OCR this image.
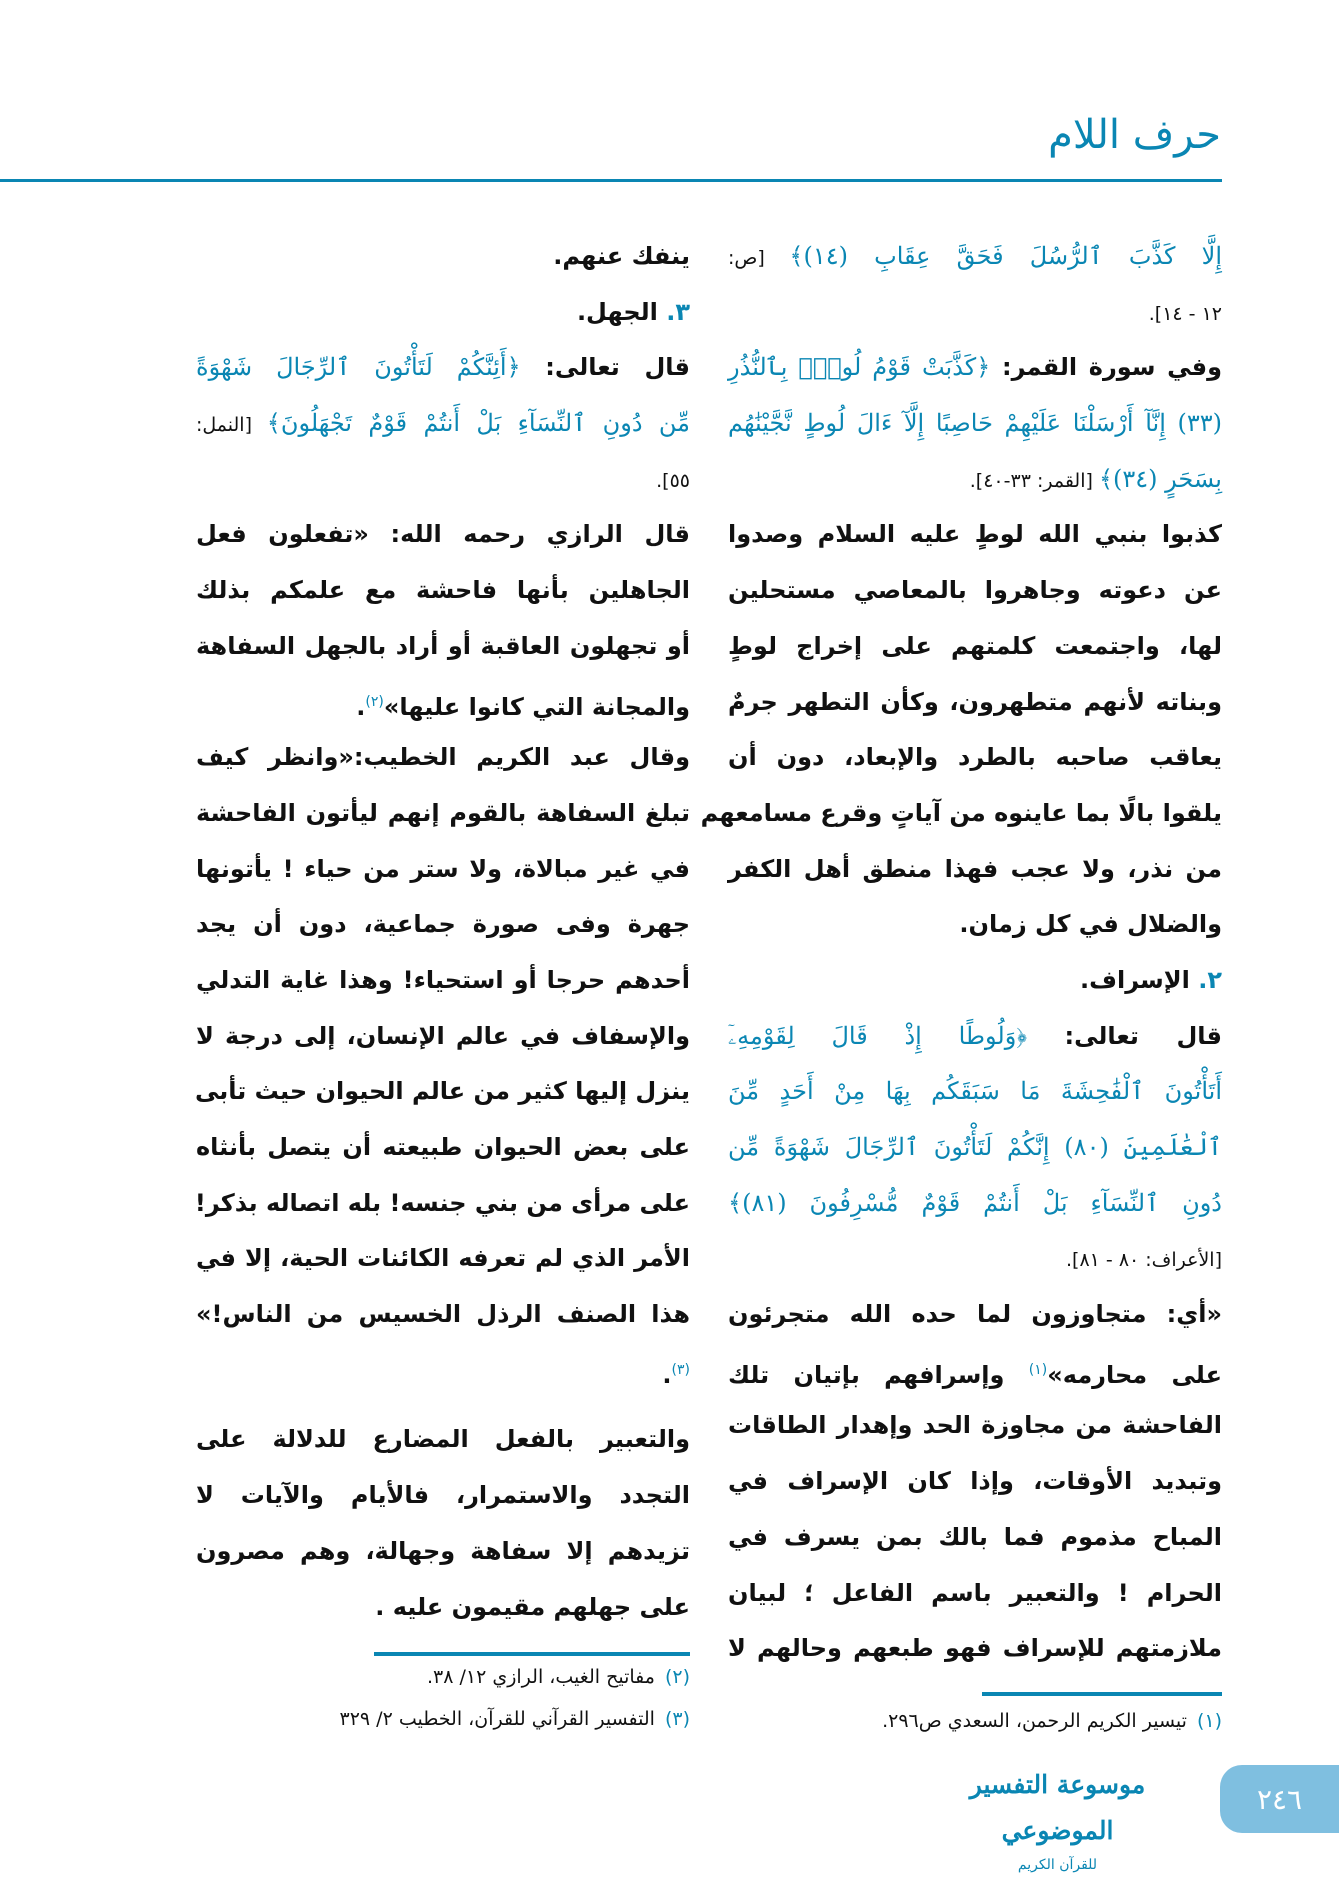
حرف اللام
إِلَّا كَذَّبَ ٱلرُّسُلَ فَحَقَّ عِقَابِ (١٤)﴾ [ص:
١٢ - ١٤].
وفي سورة القمر: ﴿كَذَّبَتْ قَوْمُ لُوطٍۭ بِٱلنُّذُرِ
(٣٣) إِنَّآ أَرْسَلْنَا عَلَيْهِمْ حَاصِبًا إِلَّآ ءَالَ لُوطٍ نَّجَّيْنَٰهُم
بِسَحَرٍ (٣٤)﴾ [القمر: ٣٣-٤٠].
كذبوا بنبي الله لوطٍ عليه السلام وصدوا
عن دعوته وجاهروا بالمعاصي مستحلين
لها، واجتمعت كلمتهم على إخراج لوطٍ
وبناته لأنهم متطهرون، وكأن التطهر جرمٌ
يعاقب صاحبه بالطرد والإبعاد، دون أن
يلقوا بالًا بما عاينوه من آياتٍ وقرع مسامعهم
من نذر، ولا عجب فهذا منطق أهل الكفر
والضلال في كل زمان.
٢. الإسراف.
قال تعالى: ﴿وَلُوطًا إِذْ قَالَ لِقَوْمِهِۦٓ
أَتَأْتُونَ ٱلْفَٰحِشَةَ مَا سَبَقَكُم بِهَا مِنْ أَحَدٍ مِّنَ
ٱلْعَٰلَمِينَ (٨٠) إِنَّكُمْ لَتَأْتُونَ ٱلرِّجَالَ شَهْوَةً مِّن
دُونِ ٱلنِّسَآءِ بَلْ أَنتُمْ قَوْمٌ مُّسْرِفُونَ (٨١)﴾
[الأعراف: ٨٠ - ٨١].
«أي: متجاوزون لما حده الله متجرئون
على محارمه»$^{(١)}$ وإسرافهم بإتيان تلك
الفاحشة من مجاوزة الحد وإهدار الطاقات
وتبديد الأوقات، وإذا كان الإسراف في
المباح مذموم فما بالك بمن يسرف في
الحرام ! والتعبير باسم الفاعل ؛ لبيان
ملازمتهم للإسراف فهو طبعهم وحالهم لا
ينفك عنهم.
٣. الجهل.
قال تعالى: ﴿أَئِنَّكُمْ لَتَأْتُونَ ٱلرِّجَالَ شَهْوَةً
مِّن دُونِ ٱلنِّسَآءِ بَلْ أَنتُمْ قَوْمٌ تَجْهَلُونَ﴾ [النمل:
٥٥].
قال الرازي رحمه الله: «تفعلون فعل
الجاهلين بأنها فاحشة مع علمكم بذلك
أو تجهلون العاقبة أو أراد بالجهل السفاهة
والمجانة التي كانوا عليها»$^{(٢)}$.
وقال عبد الكريم الخطيب:«وانظر كيف
تبلغ السفاهة بالقوم إنهم ليأتون الفاحشة
في غير مبالاة، ولا ستر من حياء ! يأتونها
جهرة وفى صورة جماعية، دون أن يجد
أحدهم حرجا أو استحياء! وهذا غاية التدلي
والإسفاف في عالم الإنسان، إلى درجة لا
ينزل إليها كثير من عالم الحيوان حيث تأبى
على بعض الحيوان طبيعته أن يتصل بأنثاه
على مرأى من بني جنسه! بله اتصاله بذكر!
الأمر الذي لم تعرفه الكائنات الحية، إلا في
هذا الصنف الرذل الخسيس من الناس!»
$^{(٣)}$.
والتعبير بالفعل المضارع للدلالة على
التجدد والاستمرار، فالأيام والآيات لا
تزيدهم إلا سفاهة وجهالة، وهم مصرون
على جهلهم مقيمون عليه .
(١)تيسير الكريم الرحمن، السعدي ص٢٩٦.
(٢)مفاتيح الغيب، الرازي ١٢/ ٣٨.
(٣)التفسير القرآني للقرآن، الخطيب ٢/ ٣٢٩
موسوعة التفسير الموضوعي
للقرآن الكريم
٢٤٦
